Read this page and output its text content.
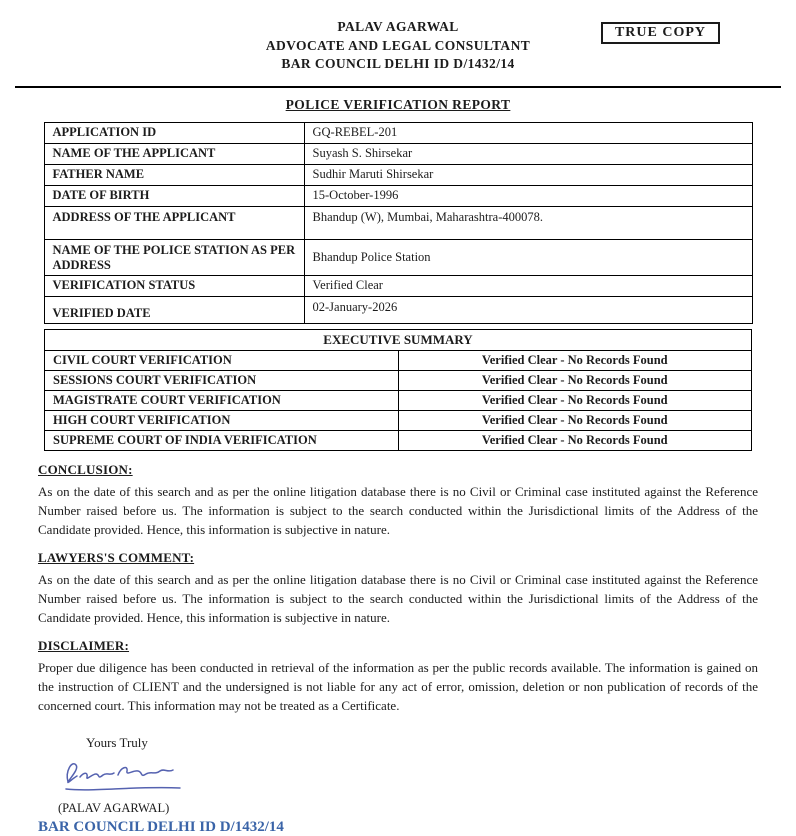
PALAV AGARWAL
ADVOCATE AND LEGAL CONSULTANT
BAR COUNCIL DELHI ID D/1432/14
TRUE COPY
POLICE VERIFICATION REPORT
APPLICATION ID	GQ-REBEL-201
NAME OF THE APPLICANT	Suyash S. Shirsekar
FATHER NAME	Sudhir Maruti Shirsekar
DATE OF BIRTH	15-October-1996
ADDRESS OF THE APPLICANT	Bhandup (W), Mumbai, Maharashtra-400078.
NAME OF THE POLICE STATION AS PER ADDRESS	Bhandup Police Station
VERIFICATION STATUS	Verified Clear
VERIFIED DATE	02-January-2026
EXECUTIVE SUMMARY	
CIVIL COURT VERIFICATION	Verified Clear - No Records Found
SESSIONS COURT VERIFICATION	Verified Clear - No Records Found
MAGISTRATE COURT VERIFICATION	Verified Clear - No Records Found
HIGH COURT VERIFICATION	Verified Clear - No Records Found
SUPREME COURT OF INDIA VERIFICATION	Verified Clear - No Records Found
CONCLUSION:
As on the date of this search and as per the online litigation database there is no Civil or Criminal case instituted against the Reference Number raised before us. The information is subject to the search conducted within the Jurisdictional limits of the Address of the Candidate provided. Hence, this information is subjective in nature.
LAWYERS'S COMMENT:
As on the date of this search and as per the online litigation database there is no Civil or Criminal case instituted against the Reference Number raised before us. The information is subject to the search conducted within the Jurisdictional limits of the Address of the Candidate provided. Hence, this information is subjective in nature.
DISCLAIMER:
Proper due diligence has been conducted in retrieval of the information as per the public records available. The information is gained on the instruction of CLIENT and the undersigned is not liable for any act of error, omission, deletion or non publication of records of the concerned court. This information may not be treated as a Certificate.
Yours Truly
(PALAV AGARWAL)
BAR COUNCIL DELHI ID D/1432/14
